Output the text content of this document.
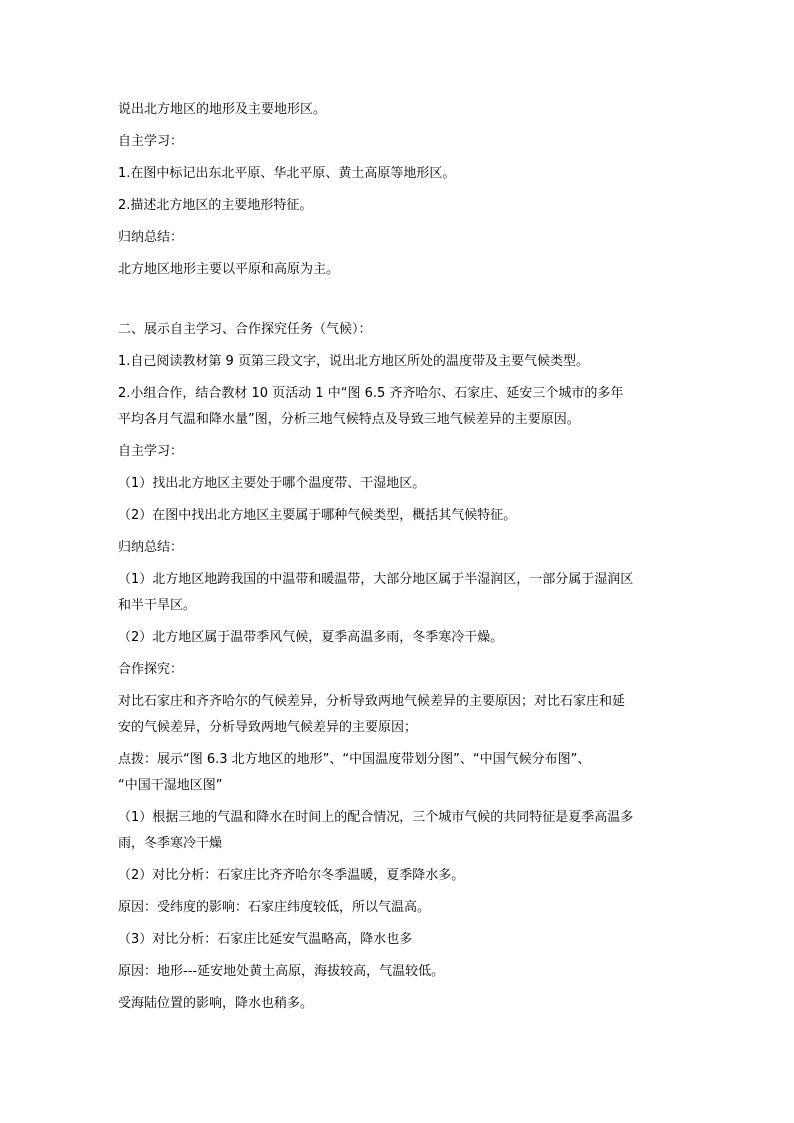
说出北方地区的地形及主要地形区。
自主学习：
1.在图中标记出东北平原、华北平原、黄土高原等地形区。
2.描述北方地区的主要地形特征。
归纳总结：
北方地区地形主要以平原和高原为主。
二、展示自主学习、合作探究任务（气候）：
1.自己阅读教材第 9 页第三段文字，说出北方地区所处的温度带及主要气候类型。
2.小组合作，结合教材 10 页活动 1 中“图 6.5 齐齐哈尔、石家庄、延安三个城市的多年
平均各月气温和降水量”图，分析三地气候特点及导致三地气候差异的主要原因。
自主学习：
（1）找出北方地区主要处于哪个温度带、干湿地区。
（2）在图中找出北方地区主要属于哪种气候类型，概括其气候特征。
归纳总结：
（1）北方地区地跨我国的中温带和暖温带，大部分地区属于半湿润区，一部分属于湿润区
和半干旱区。
（2）北方地区属于温带季风气候，夏季高温多雨，冬季寒冷干燥。
合作探究：
对比石家庄和齐齐哈尔的气候差异，分析导致两地气候差异的主要原因；对比石家庄和延
安的气候差异，分析导致两地气候差异的主要原因；
点拨：展示“图 6.3 北方地区的地形”、“中国温度带划分图”、“中国气候分布图”、
“中国干湿地区图”
（1）根据三地的气温和降水在时间上的配合情况，三个城市气候的共同特征是夏季高温多
雨，冬季寒冷干燥
（2）对比分析：石家庄比齐齐哈尔冬季温暖，夏季降水多。
原因：受纬度的影响：石家庄纬度较低，所以气温高。
（3）对比分析：石家庄比延安气温略高，降水也多
原因：地形---延安地处黄土高原，海拔较高，气温较低。
受海陆位置的影响，降水也稍多。
